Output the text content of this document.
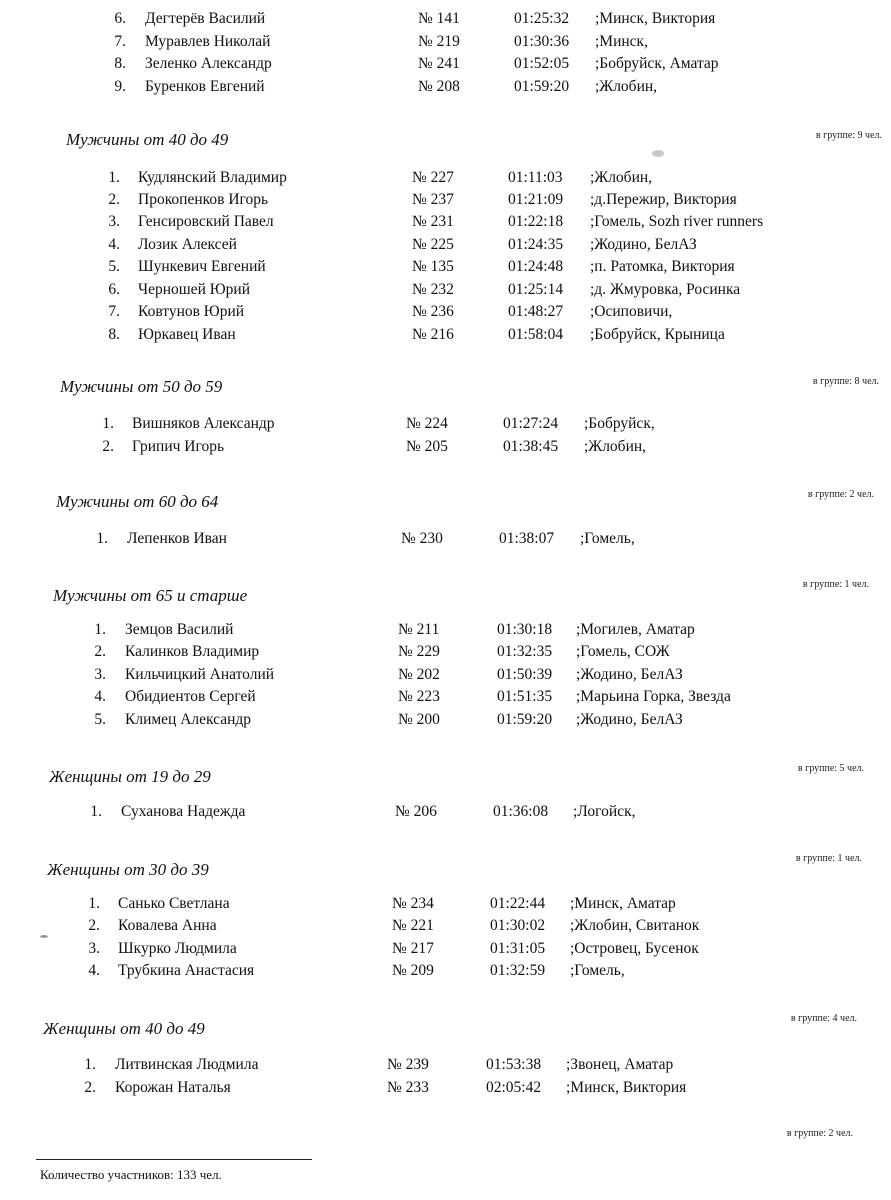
6. Дегтерёв Василий	№ 141	01:25:32 ;Минск, Виктория
7. Муравлев Николай	№ 219	01:30:36 ;Минск,
8. Зеленко Александр	№ 241	01:52:05 ;Бобруйск, Аматар
9. Буренков Евгений	№ 208	01:59:20 ;Жлобин,
в группе: 9 чел.
Мужчины от 40 до 49
1. Кудлянский Владимир	№ 227	01:11:03 ;Жлобин,
2. Прокопенков Игорь	№ 237	01:21:09 ;д.Пережир, Виктория
3. Генсировский Павел	№ 231	01:22:18 ;Гомель, Sozh river runners
4. Лозик Алексей	№ 225	01:24:35 ;Жодино, БелАЗ
5. Шункевич Евгений	№ 135	01:24:48 ;п. Ратомка, Виктория
6. Черношей Юрий	№ 232	01:25:14 ;д. Жмуровка, Росинка
7. Ковтунов Юрий	№ 236	01:48:27 ;Осиповичи,
8. Юркавец Иван	№ 216	01:58:04 ;Бобруйск, Крыница
в группе: 8 чел.
Мужчины от 50 до 59
1. Вишняков Александр	№ 224	01:27:24 ;Бобруйск,
2. Грипич Игорь	№ 205	01:38:45 ;Жлобин,
в группе: 2 чел.
Мужчины от 60 до 64
1. Лепенков Иван	№ 230	01:38:07 ;Гомель,
в группе: 1 чел.
Мужчины от 65 и старше
1. Земцов Василий	№ 211	01:30:18 ;Могилев, Аматар
2. Калинков Владимир	№ 229	01:32:35 ;Гомель, СОЖ
3. Кильчицкий Анатолий	№ 202	01:50:39 ;Жодино, БелАЗ
4. Обидиентов Сергей	№ 223	01:51:35 ;Марьина Горка, Звезда
5. Климец Александр	№ 200	01:59:20 ;Жодино, БелАЗ
в группе: 5 чел.
Женщины от 19 до 29
1. Суханова Надежда	№ 206	01:36:08 ;Логойск,
в группе: 1 чел.
Женщины от 30 до 39
1. Санько Светлана	№ 234	01:22:44 ;Минск, Аматар
2. Ковалева Анна	№ 221	01:30:02 ;Жлобин, Свитанок
3. Шкурко Людмила	№ 217	01:31:05 ;Островец, Бусенок
4. Трубкина Анастасия	№ 209	01:32:59 ;Гомель,
в группе: 4 чел.
Женщины от 40 до 49
1. Литвинская Людмила	№ 239	01:53:38 ;Звонец, Аматар
2. Корожан Наталья	№ 233	02:05:42 ;Минск, Виктория
в группе: 2 чел.
Количество участников: 133 чел.
